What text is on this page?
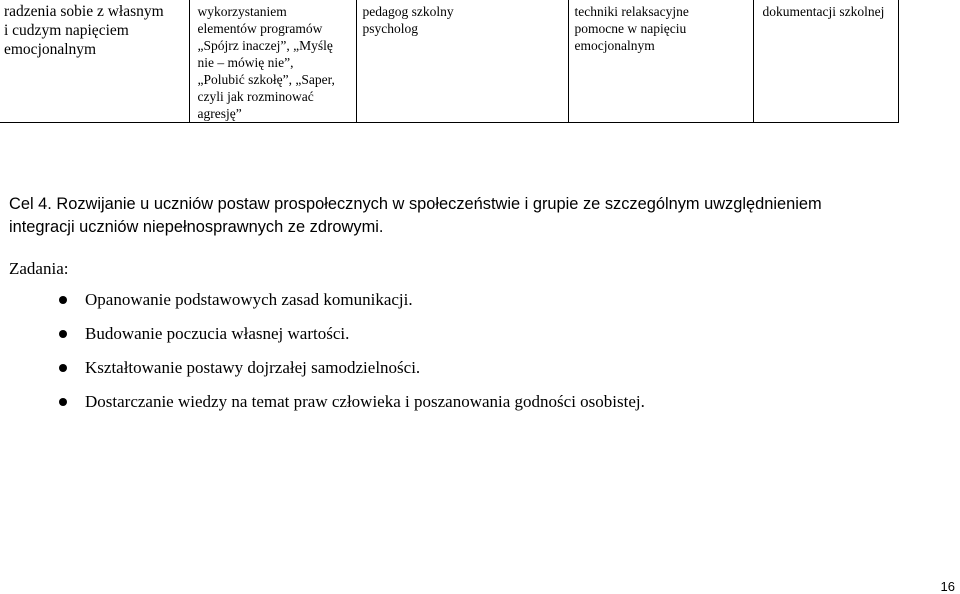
radzenia sobie z własnym
i cudzym napięciem
emocjonalnym

wykorzystaniem
elementów programów
„Spójrz inaczej”, „Myślę
nie – mówię nie”,
„Polubić szkołę”, „Saper,
czyli jak rozminować
agresję”

pedagog szkolny
psycholog

techniki relaksacyjne
pomocne w napięciu
emocjonalnym

dokumentacji szkolnej
Cel 4. Rozwijanie u uczniów postaw prospołecznych w społeczeństwie i grupie ze szczególnym uwzględnieniem
integracji uczniów niepełnosprawnych ze zdrowymi.
Zadania:
Opanowanie podstawowych zasad komunikacji.
Budowanie poczucia własnej wartości.
Kształtowanie postawy dojrzałej samodzielności.
Dostarczanie wiedzy na temat praw człowieka i poszanowania godności osobistej.
16
